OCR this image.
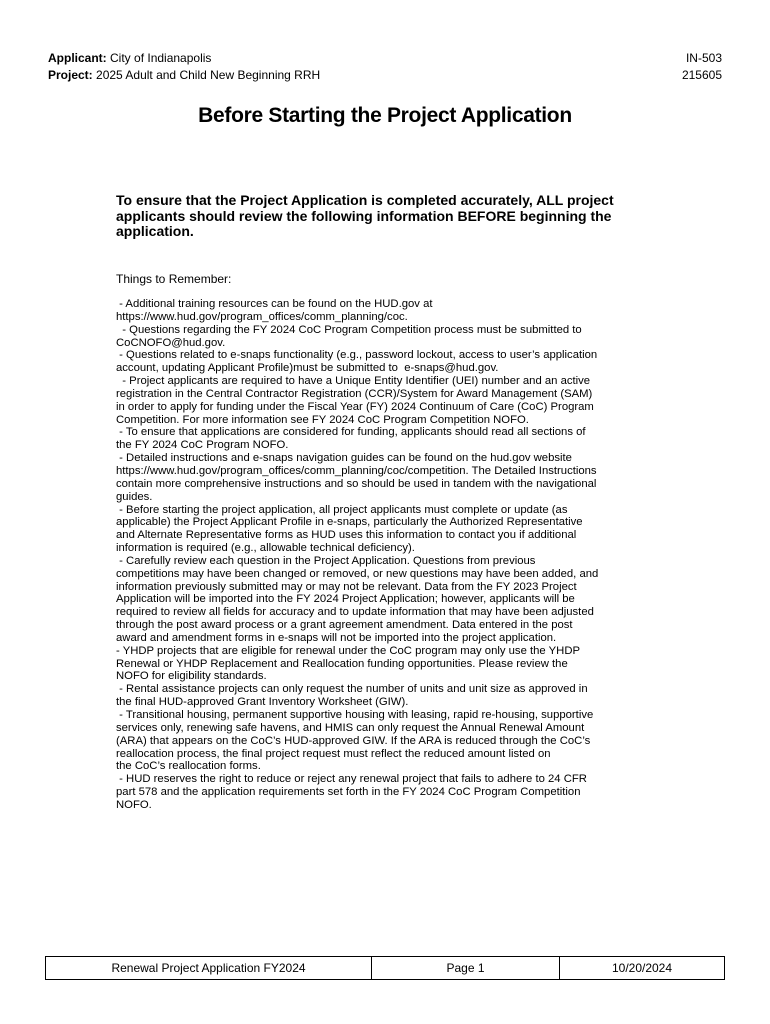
Applicant: City of Indianapolis	IN-503
Project: 2025 Adult and Child New Beginning RRH	215605
Before Starting the Project Application
To ensure that the Project Application is completed accurately, ALL project applicants should review the following information BEFORE beginning the application.
Things to Remember:

- Additional training resources can be found on the HUD.gov at

https://www.hud.gov/program_offices/comm_planning/coc.

- Questions regarding the FY 2024 CoC Program Competition process must be submitted to

CoCNOFO@hud.gov.

- Questions related to e-snaps functionality (e.g., password lockout, access to user’s application

account, updating Applicant Profile)must be submitted to  e-snaps@hud.gov.

- Project applicants are required to have a Unique Entity Identifier (UEI) number and an active

registration in the Central Contractor Registration (CCR)/System for Award Management (SAM)

in order to apply for funding under the Fiscal Year (FY) 2024 Continuum of Care (CoC) Program

Competition. For more information see FY 2024 CoC Program Competition NOFO.

- To ensure that applications are considered for funding, applicants should read all sections of

the FY 2024 CoC Program NOFO.

- Detailed instructions and e-snaps navigation guides can be found on the hud.gov website

https://www.hud.gov/program_offices/comm_planning/coc/competition. The Detailed Instructions

contain more comprehensive instructions and so should be used in tandem with the navigational

guides.

- Before starting the project application, all project applicants must complete or update (as

applicable) the Project Applicant Profile in e-snaps, particularly the Authorized Representative

and Alternate Representative forms as HUD uses this information to contact you if additional

information is required (e.g., allowable technical deficiency).

- Carefully review each question in the Project Application. Questions from previous

competitions may have been changed or removed, or new questions may have been added, and

information previously submitted may or may not be relevant. Data from the FY 2023 Project

Application will be imported into the FY 2024 Project Application; however, applicants will be

required to review all fields for accuracy and to update information that may have been adjusted

through the post award process or a grant agreement amendment. Data entered in the post

award and amendment forms in e-snaps will not be imported into the project application.

- YHDP projects that are eligible for renewal under the CoC program may only use the YHDP

Renewal or YHDP Replacement and Reallocation funding opportunities. Please review the

NOFO for eligibility standards.

- Rental assistance projects can only request the number of units and unit size as approved in

the final HUD-approved Grant Inventory Worksheet (GIW).

- Transitional housing, permanent supportive housing with leasing, rapid re-housing, supportive

services only, renewing safe havens, and HMIS can only request the Annual Renewal Amount

(ARA) that appears on the CoC’s HUD-approved GIW. If the ARA is reduced through the CoC’s

reallocation process, the final project request must reflect the reduced amount listed on

the CoC’s reallocation forms.

- HUD reserves the right to reduce or reject any renewal project that fails to adhere to 24 CFR

part 578 and the application requirements set forth in the FY 2024 CoC Program Competition

NOFO.

Renewal Project Application FY2024	Page 1	10/20/2024
